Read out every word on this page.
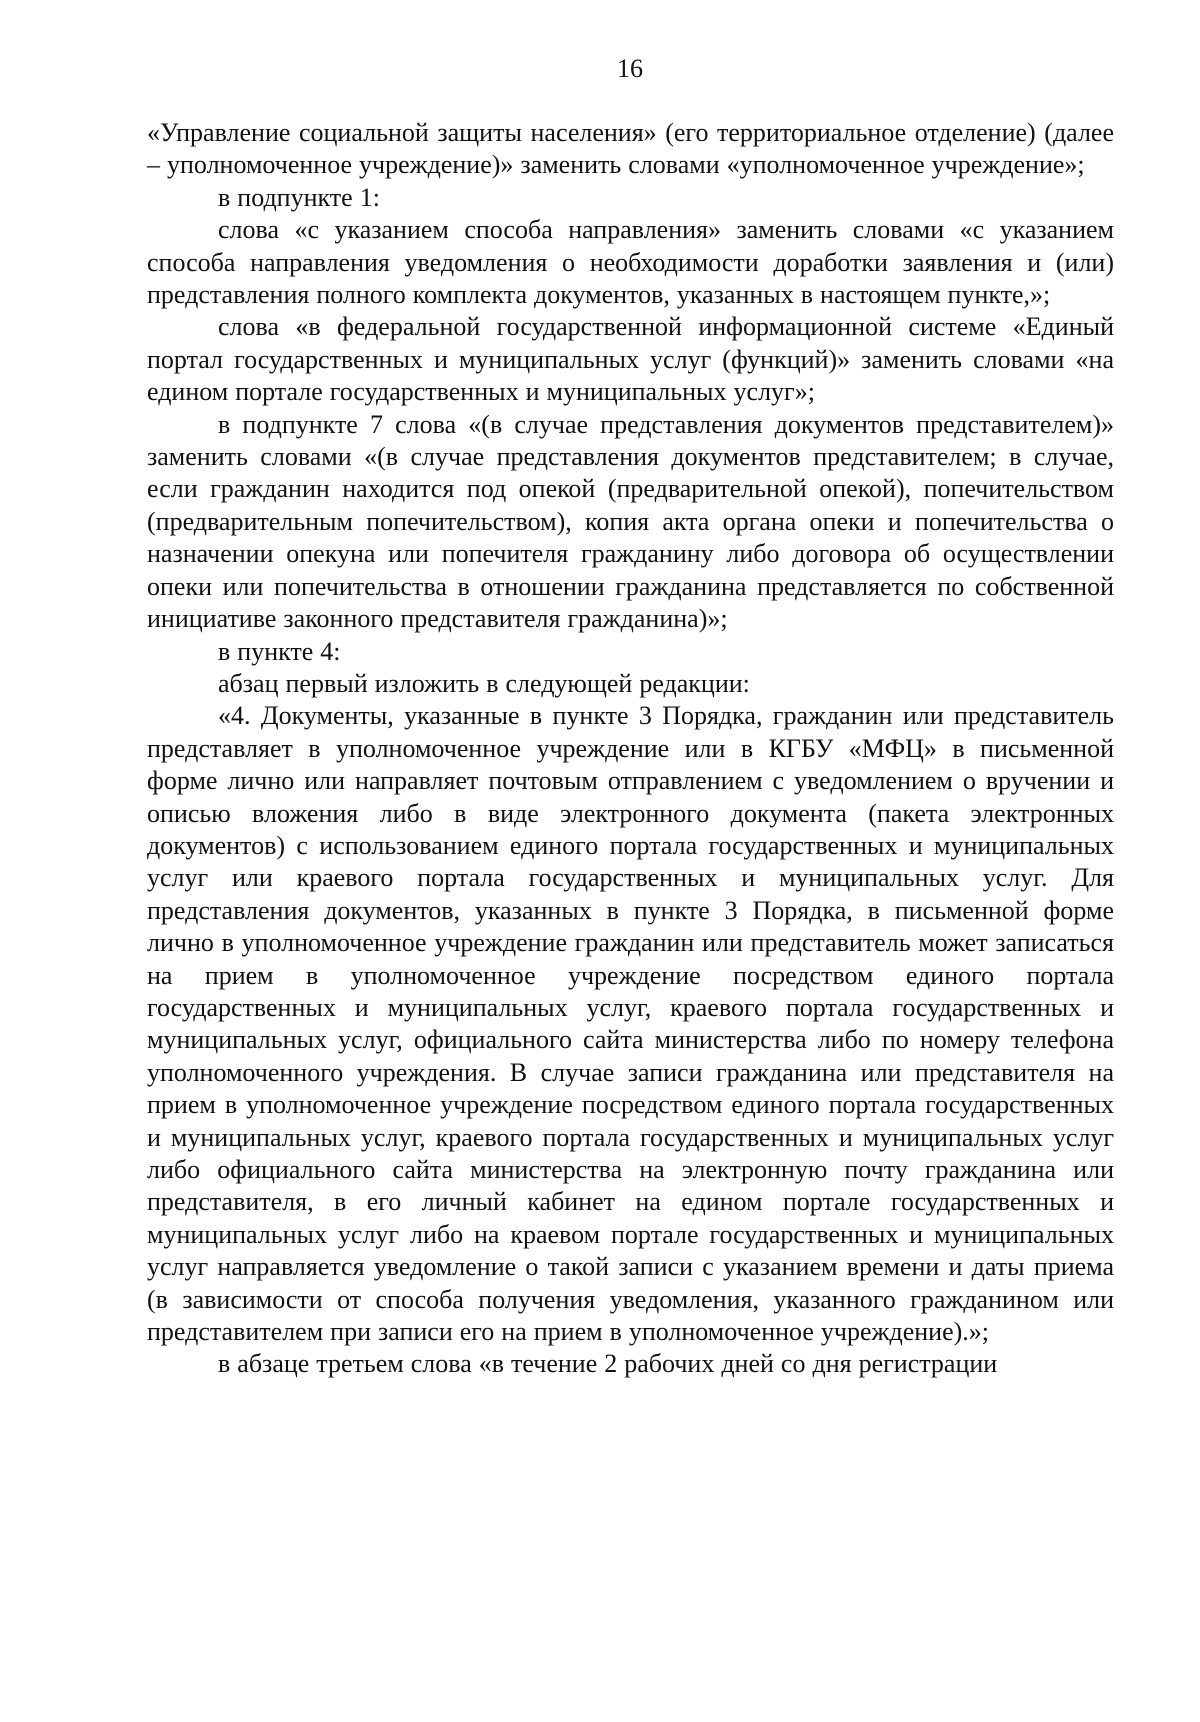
16

«Управление социальной защиты населения» (его территориальное отделение) (далее – уполномоченное учреждение)» заменить словами «уполномоченное учреждение»;

в подпункте 1:

слова «с указанием способа направления» заменить словами «с указанием способа направления уведомления о необходимости доработки заявления и (или) представления полного комплекта документов, указанных в настоящем пункте,»;

слова «в федеральной государственной информационной системе «Единый портал государственных и муниципальных услуг (функций)» заменить словами «на едином портале государственных и муниципальных услуг»;

в подпункте 7 слова «(в случае представления документов представителем)» заменить словами «(в случае представления документов представителем; в случае, если гражданин находится под опекой (предварительной опекой), попечительством (предварительным попечительством), копия акта органа опеки и попечительства о назначении опекуна или попечителя гражданину либо договора об осуществлении опеки или попечительства в отношении гражданина представляется по собственной инициативе законного представителя гражданина)»;

в пункте 4:

абзац первый изложить в следующей редакции:

«4. Документы, указанные в пункте 3 Порядка, гражданин или представитель представляет в уполномоченное учреждение или в КГБУ «МФЦ» в письменной форме лично или направляет почтовым отправлением с уведомлением о вручении и описью вложения либо в виде электронного документа (пакета электронных документов) с использованием единого портала государственных и муниципальных услуг или краевого портала государственных и муниципальных услуг. Для представления документов, указанных в пункте 3 Порядка, в письменной форме лично в уполномоченное учреждение гражданин или представитель может записаться на прием в уполномоченное учреждение посредством единого портала государственных и муниципальных услуг, краевого портала государственных и муниципальных услуг, официального сайта министерства либо по номеру телефона уполномоченного учреждения. В случае записи гражданина или представителя на прием в уполномоченное учреждение посредством единого портала государственных и муниципальных услуг, краевого портала государственных и муниципальных услуг либо официального сайта министерства на электронную почту гражданина или представителя, в его личный кабинет на едином портале государственных и муниципальных услуг либо на краевом портале государственных и муниципальных услуг направляется уведомление о такой записи с указанием времени и даты приема (в зависимости от способа получения уведомления, указанного гражданином или представителем при записи его на прием в уполномоченное учреждение).»;

в абзаце третьем слова «в течение 2 рабочих дней со дня регистрации
